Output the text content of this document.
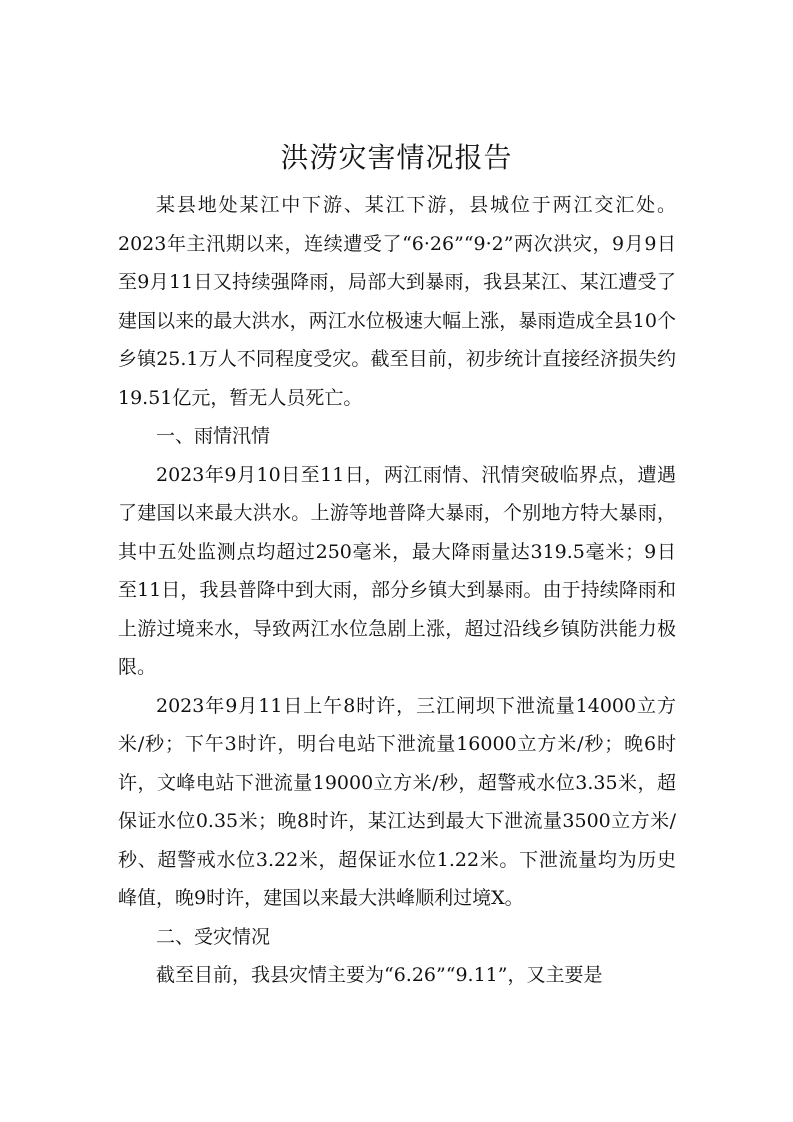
洪涝灾害情况报告

某县地处某江中下游、某江下游，县城位于两江交汇处。2023年主汛期以来，连续遭受了“6·26”“9·2”两次洪灾，9月9日至9月11日又持续强降雨，局部大到暴雨，我县某江、某江遭受了建国以来的最大洪水，两江水位极速大幅上涨，暴雨造成全县10个乡镇25.1万人不同程度受灾。截至目前，初步统计直接经济损失约19.51亿元，暂无人员死亡。

一、雨情汛情

2023年9月10日至11日，两江雨情、汛情突破临界点，遭遇了建国以来最大洪水。上游等地普降大暴雨，个别地方特大暴雨，其中五处监测点均超过250毫米，最大降雨量达319.5毫米；9日至11日，我县普降中到大雨，部分乡镇大到暴雨。由于持续降雨和上游过境来水，导致两江水位急剧上涨，超过沿线乡镇防洪能力极限。

2023年9月11日上午8时许，三江闸坝下泄流量14000立方米/秒；下午3时许，明台电站下泄流量16000立方米/秒；晚6时许，文峰电站下泄流量19000立方米/秒，超警戒水位3.35米，超保证水位0.35米；晚8时许，某江达到最大下泄流量3500立方米/秒、超警戒水位3.22米，超保证水位1.22米。下泄流量均为历史峰值，晚9时许，建国以来最大洪峰顺利过境X。

二、受灾情况

截至目前，我县灾情主要为“6.26”“9.11”，又主要是
